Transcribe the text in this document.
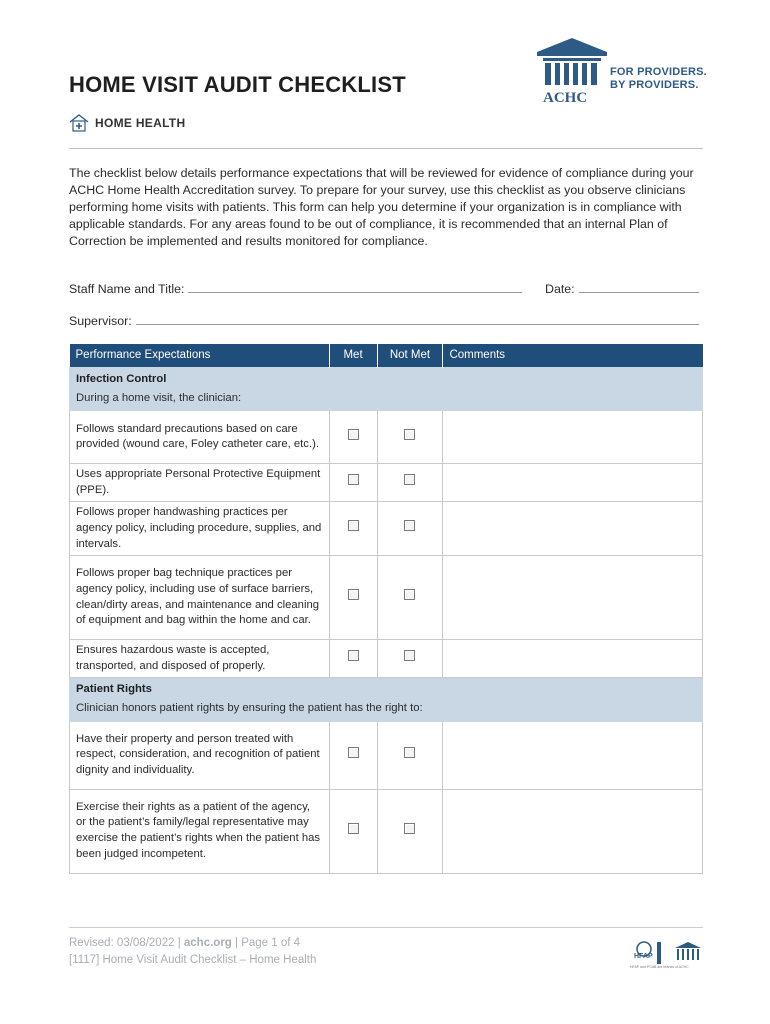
HOME VISIT AUDIT CHECKLIST
HOME HEALTH
ACHC
FOR PROVIDERS.
BY PROVIDERS.

The checklist below details performance expectations that will be reviewed for evidence of compliance during your ACHC Home Health Accreditation survey. To prepare for your survey, use this checklist as you observe clinicians performing home visits with patients. This form can help you determine if your organization is in compliance with applicable standards. For any areas found to be out of compliance, it is recommended that an internal Plan of Correction be implemented and results monitored for compliance.

Staff Name and Title:	Date:
Supervisor:
Performance Expectations	Met	Not Met	Comments

Infection Control
During a home visit, the clinician:			

Follows standard precautions based on care provided (wound care, Foley catheter care, etc.).			
Uses appropriate Personal Protective Equipment (PPE).			
Follows proper handwashing practices per agency policy, including procedure, supplies, and intervals.			
Follows proper bag technique practices per agency policy, including use of surface barriers, clean/dirty areas, and maintenance and cleaning of equipment and bag within the home and car.			
Ensures hazardous waste is accepted, transported, and disposed of properly.			

Patient Rights
Clinician honors patient rights by ensuring the patient has the right to:			

Have their property and person treated with respect, consideration, and recognition of patient dignity and individuality.			
Exercise their rights as a patient of the agency, or the patient’s family/legal representative may exercise the patient’s rights when the patient has been judged incompetent.			
Revised: 03/08/2022 | achc.org | Page 1 of 4
[1117] Home Visit Audit Checklist – Home Health	HFAP
HFAP and PCAB are brands of ACHC
